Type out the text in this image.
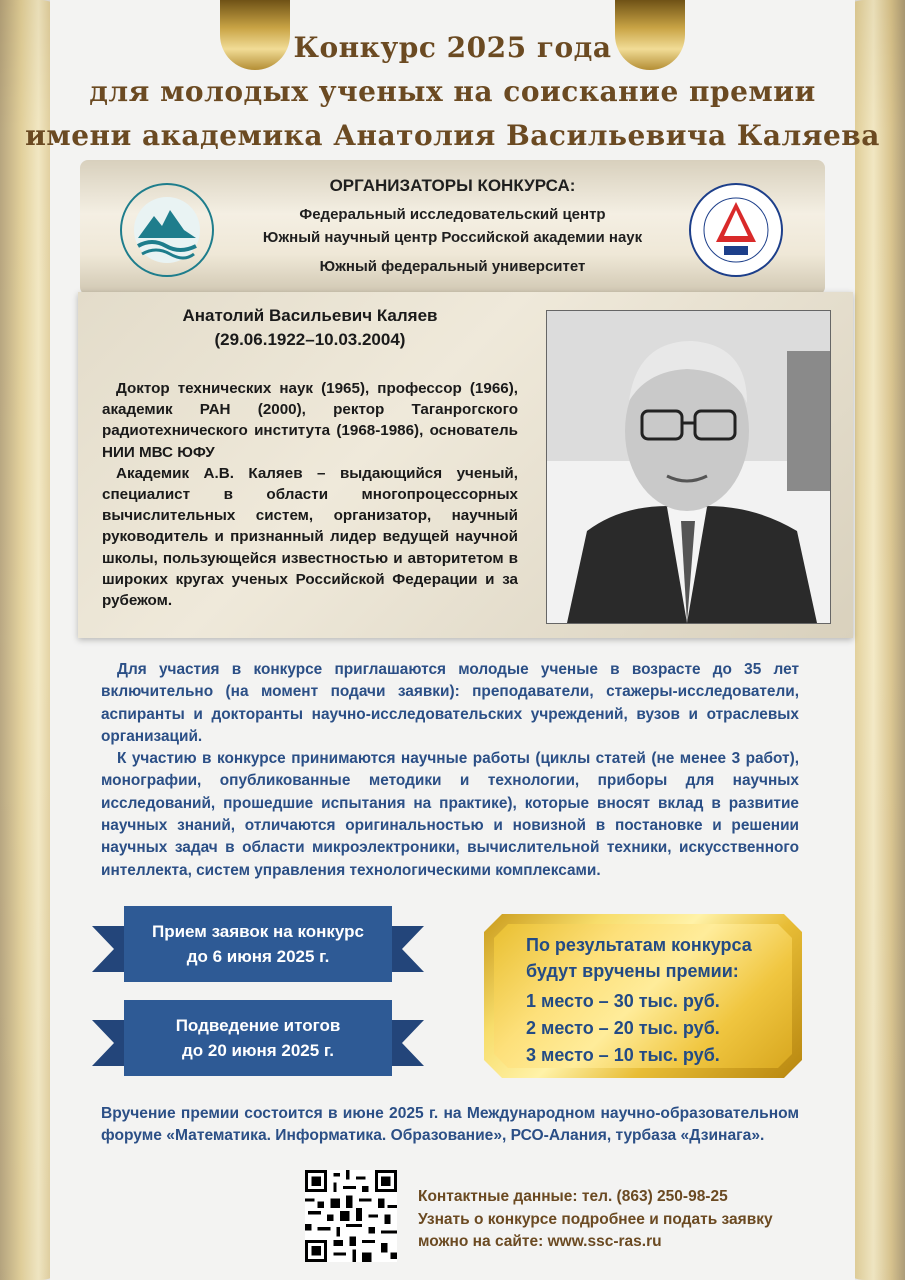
Конкурс 2025 года
для молодых ученых на соискание премии
имени академика Анатолия Васильевича Каляева
ОРГАНИЗАТОРЫ КОНКУРСА:
Федеральный исследовательский центр
Южный научный центр Российской академии наук
Южный федеральный университет
Анатолий Васильевич Каляев
(29.06.1922–10.03.2004)

Доктор технических наук (1965), профессор (1966), академик РАН (2000), ректор Таганрогского радиотехнического института (1968-1986), основатель НИИ МВС ЮФУ

Академик А.В. Каляев – выдающийся ученый, специалист в области многопроцессорных вычислительных систем, организатор, научный руководитель и признанный лидер ведущей научной школы, пользующейся известностью и авторитетом в широких кругах ученых Российской Федерации и за рубежом.

Для участия в конкурсе приглашаются молодые ученые в возрасте до 35 лет включительно (на момент подачи заявки): преподаватели, стажеры-исследователи, аспиранты и докторанты научно-исследовательских учреждений, вузов и отраслевых организаций.

К участию в конкурсе принимаются научные работы (циклы статей (не менее 3 работ), монографии, опубликованные методики и технологии, приборы для научных исследований, прошедшие испытания на практике), которые вносят вклад в развитие научных знаний, отличаются оригинальностью и новизной в постановке и решении научных задач в области микроэлектроники, вычислительной техники, искусственного интеллекта, систем управления технологическими комплексами.

Прием заявок на конкурс
до 6 июня 2025 г.
Подведение итогов
до 20 июня 2025 г.
По результатам конкурса
будут вручены премии:
1 место – 30 тыс. руб.
2 место – 20 тыс. руб.
3 место – 10 тыс. руб.
Вручение премии состоится в июне 2025 г. на Международном научно-образовательном форуме «Математика. Информатика. Образование», РСО-Алания, турбаза «Дзинага».
Контактные данные: тел. (863) 250-98-25
Узнать о конкурсе подробнее и подать заявку
можно на сайте: www.ssc-ras.ru
